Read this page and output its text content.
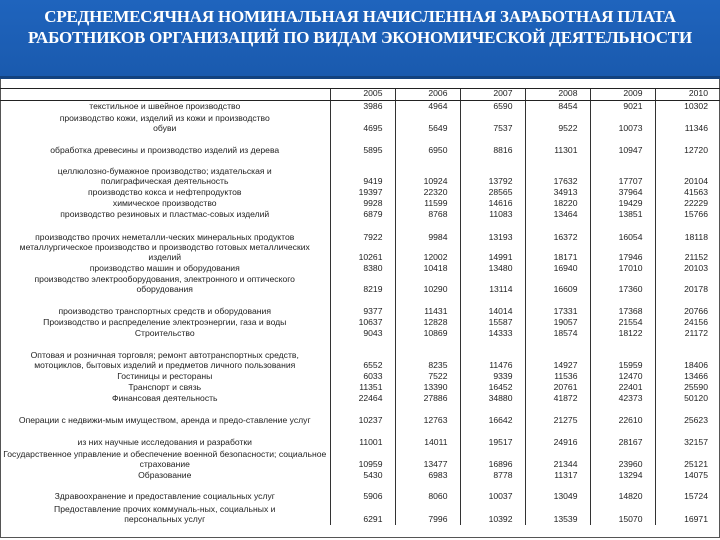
СРЕДНЕМЕСЯЧНАЯ НОМИНАЛЬНАЯ НАЧИСЛЕННАЯ ЗАРАБОТНАЯ ПЛАТА РАБОТНИКОВ ОРГАНИЗАЦИЙ ПО ВИДАМ ЭКОНОМИЧЕСКОЙ ДЕЯТЕЛЬНОСТИ
	2005	2006	2007	2008	2009	2010

текстильное и швейное производство	3986	4964	6590	8454	9021	10302

производство кожи, изделий из кожи и производство обуви	4695	5649	7537	9522	10073	11346

обработка древесины и производство изделий из дерева	5895	6950	8816	11301	10947	12720

целлюлозно-бумажное производство; издательская и полиграфическая деятельность	9419	10924	13792	17632	17707	20104

производство кокса и нефтепродуктов	19397	22320	28565	34913	37964	41563

химическое производство	9928	11599	14616	18220	19429	22229

производство резиновых и пластмас-совых изделий	6879	8768	11083	13464	13851	15766

производство прочих неметалли-ческих минеральных продуктов	7922	9984	13193	16372	16054	18118

металлургическое производство и производство готовых металлических изделий	10261	12002	14991	18171	17946	21152

производство машин и оборудования	8380	10418	13480	16940	17010	20103

производство электрооборудования, электронного и оптического оборудования	8219	10290	13114	16609	17360	20178

производство транспортных средств и оборудования	9377	11431	14014	17331	17368	20766

Производство и распределение электроэнергии, газа и воды	10637	12828	15587	19057	21554	24156

Строительство	9043	10869	14333	18574	18122	21172

Оптовая и розничная торговля; ремонт автотранспортных средств, мотоциклов, бытовых изделий и предметов личного пользования	6552	8235	11476	14927	15959	18406

Гостиницы и рестораны	6033	7522	9339	11536	12470	13466

Транспорт и связь	11351	13390	16452	20761	22401	25590

Финансовая деятельность	22464	27886	34880	41872	42373	50120

Операции с недвижи-мым имуществом, аренда и предо-ставление услуг	10237	12763	16642	21275	22610	25623

из них научные исследования и разработки	11001	14011	19517	24916	28167	32157

Государственное управление и обеспечение военной безопасности; социальное страхование	10959	13477	16896	21344	23960	25121

Образование	5430	6983	8778	11317	13294	14075

Здравоохранение и предоставление социальных услуг	5906	8060	10037	13049	14820	15724

Предоставление прочих коммуналь-ных, социальных и персональных услуг	6291	7996	10392	13539	15070	16971
